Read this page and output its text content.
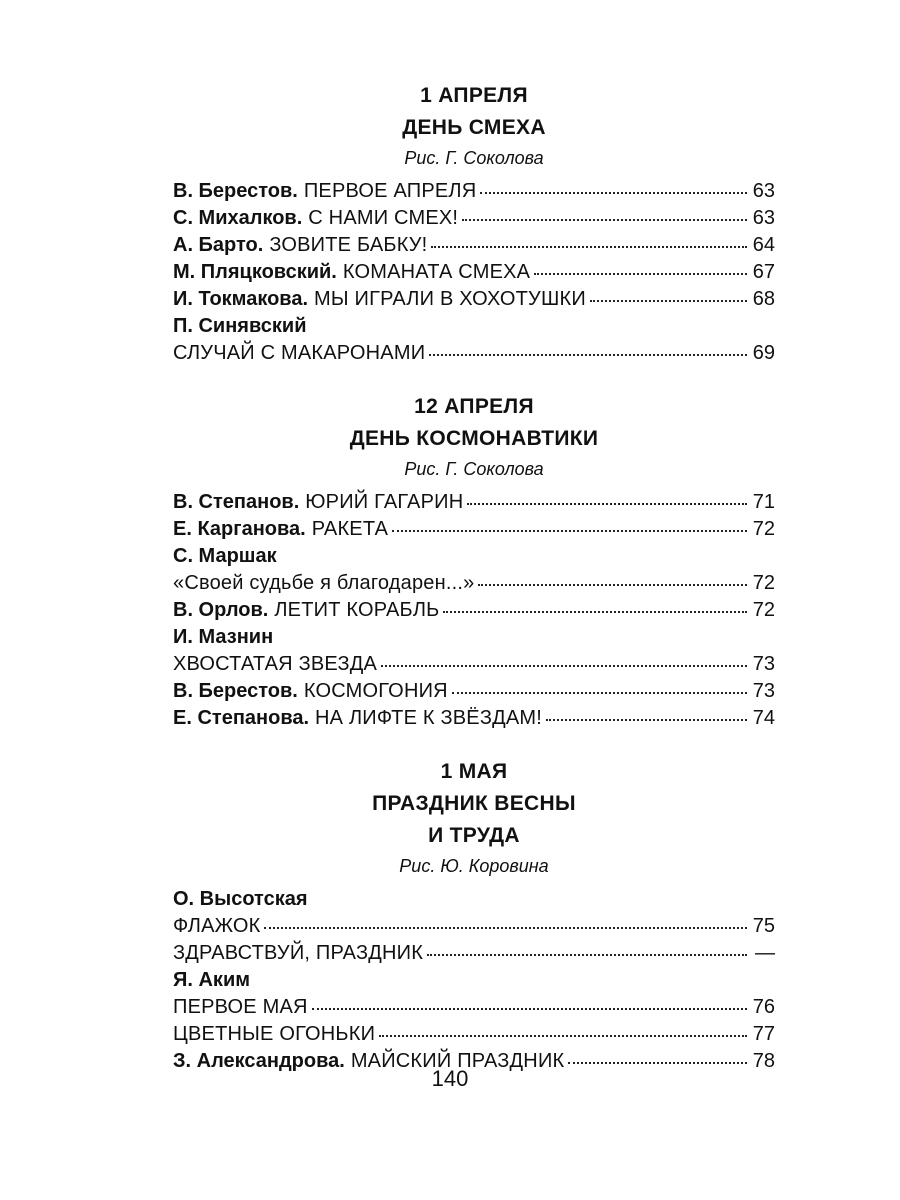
1 АПРЕЛЯ
ДЕНЬ СМЕХА
Рис. Г. Соколова
В. Берестов. ПЕРВОЕ АПРЕЛЯ	63
С. Михалков. С НАМИ СМЕХ!	63
А. Барто. ЗОВИТЕ БАБКУ!	64
М. Пляцковский. КОМАНАТА СМЕХА	67
И. Токмакова. МЫ ИГРАЛИ В ХОХОТУШКИ	68
П. Синявский
СЛУЧАЙ С МАКАРОНАМИ	69
12 АПРЕЛЯ
ДЕНЬ КОСМОНАВТИКИ
Рис. Г. Соколова
В. Степанов. ЮРИЙ ГАГАРИН	71
Е. Карганова. РАКЕТА	72
С. Маршак
«Своей судьбе я благодарен...»	72
В. Орлов. ЛЕТИТ КОРАБЛЬ	72
И. Мазнин
ХВОСТАТАЯ ЗВЕЗДА	73
В. Берестов. КОСМОГОНИЯ	73
Е. Степанова. НА ЛИФТЕ К ЗВЁЗДАМ!	74
1 МАЯ
ПРАЗДНИК ВЕСНЫ
И ТРУДА
Рис. Ю. Коровина
О. Высотская
ФЛАЖОК	75
ЗДРАВСТВУЙ, ПРАЗДНИК	—
Я. Аким
ПЕРВОЕ МАЯ	76
ЦВЕТНЫЕ ОГОНЬКИ	77
З. Александрова. МАЙСКИЙ ПРАЗДНИК	78
140
